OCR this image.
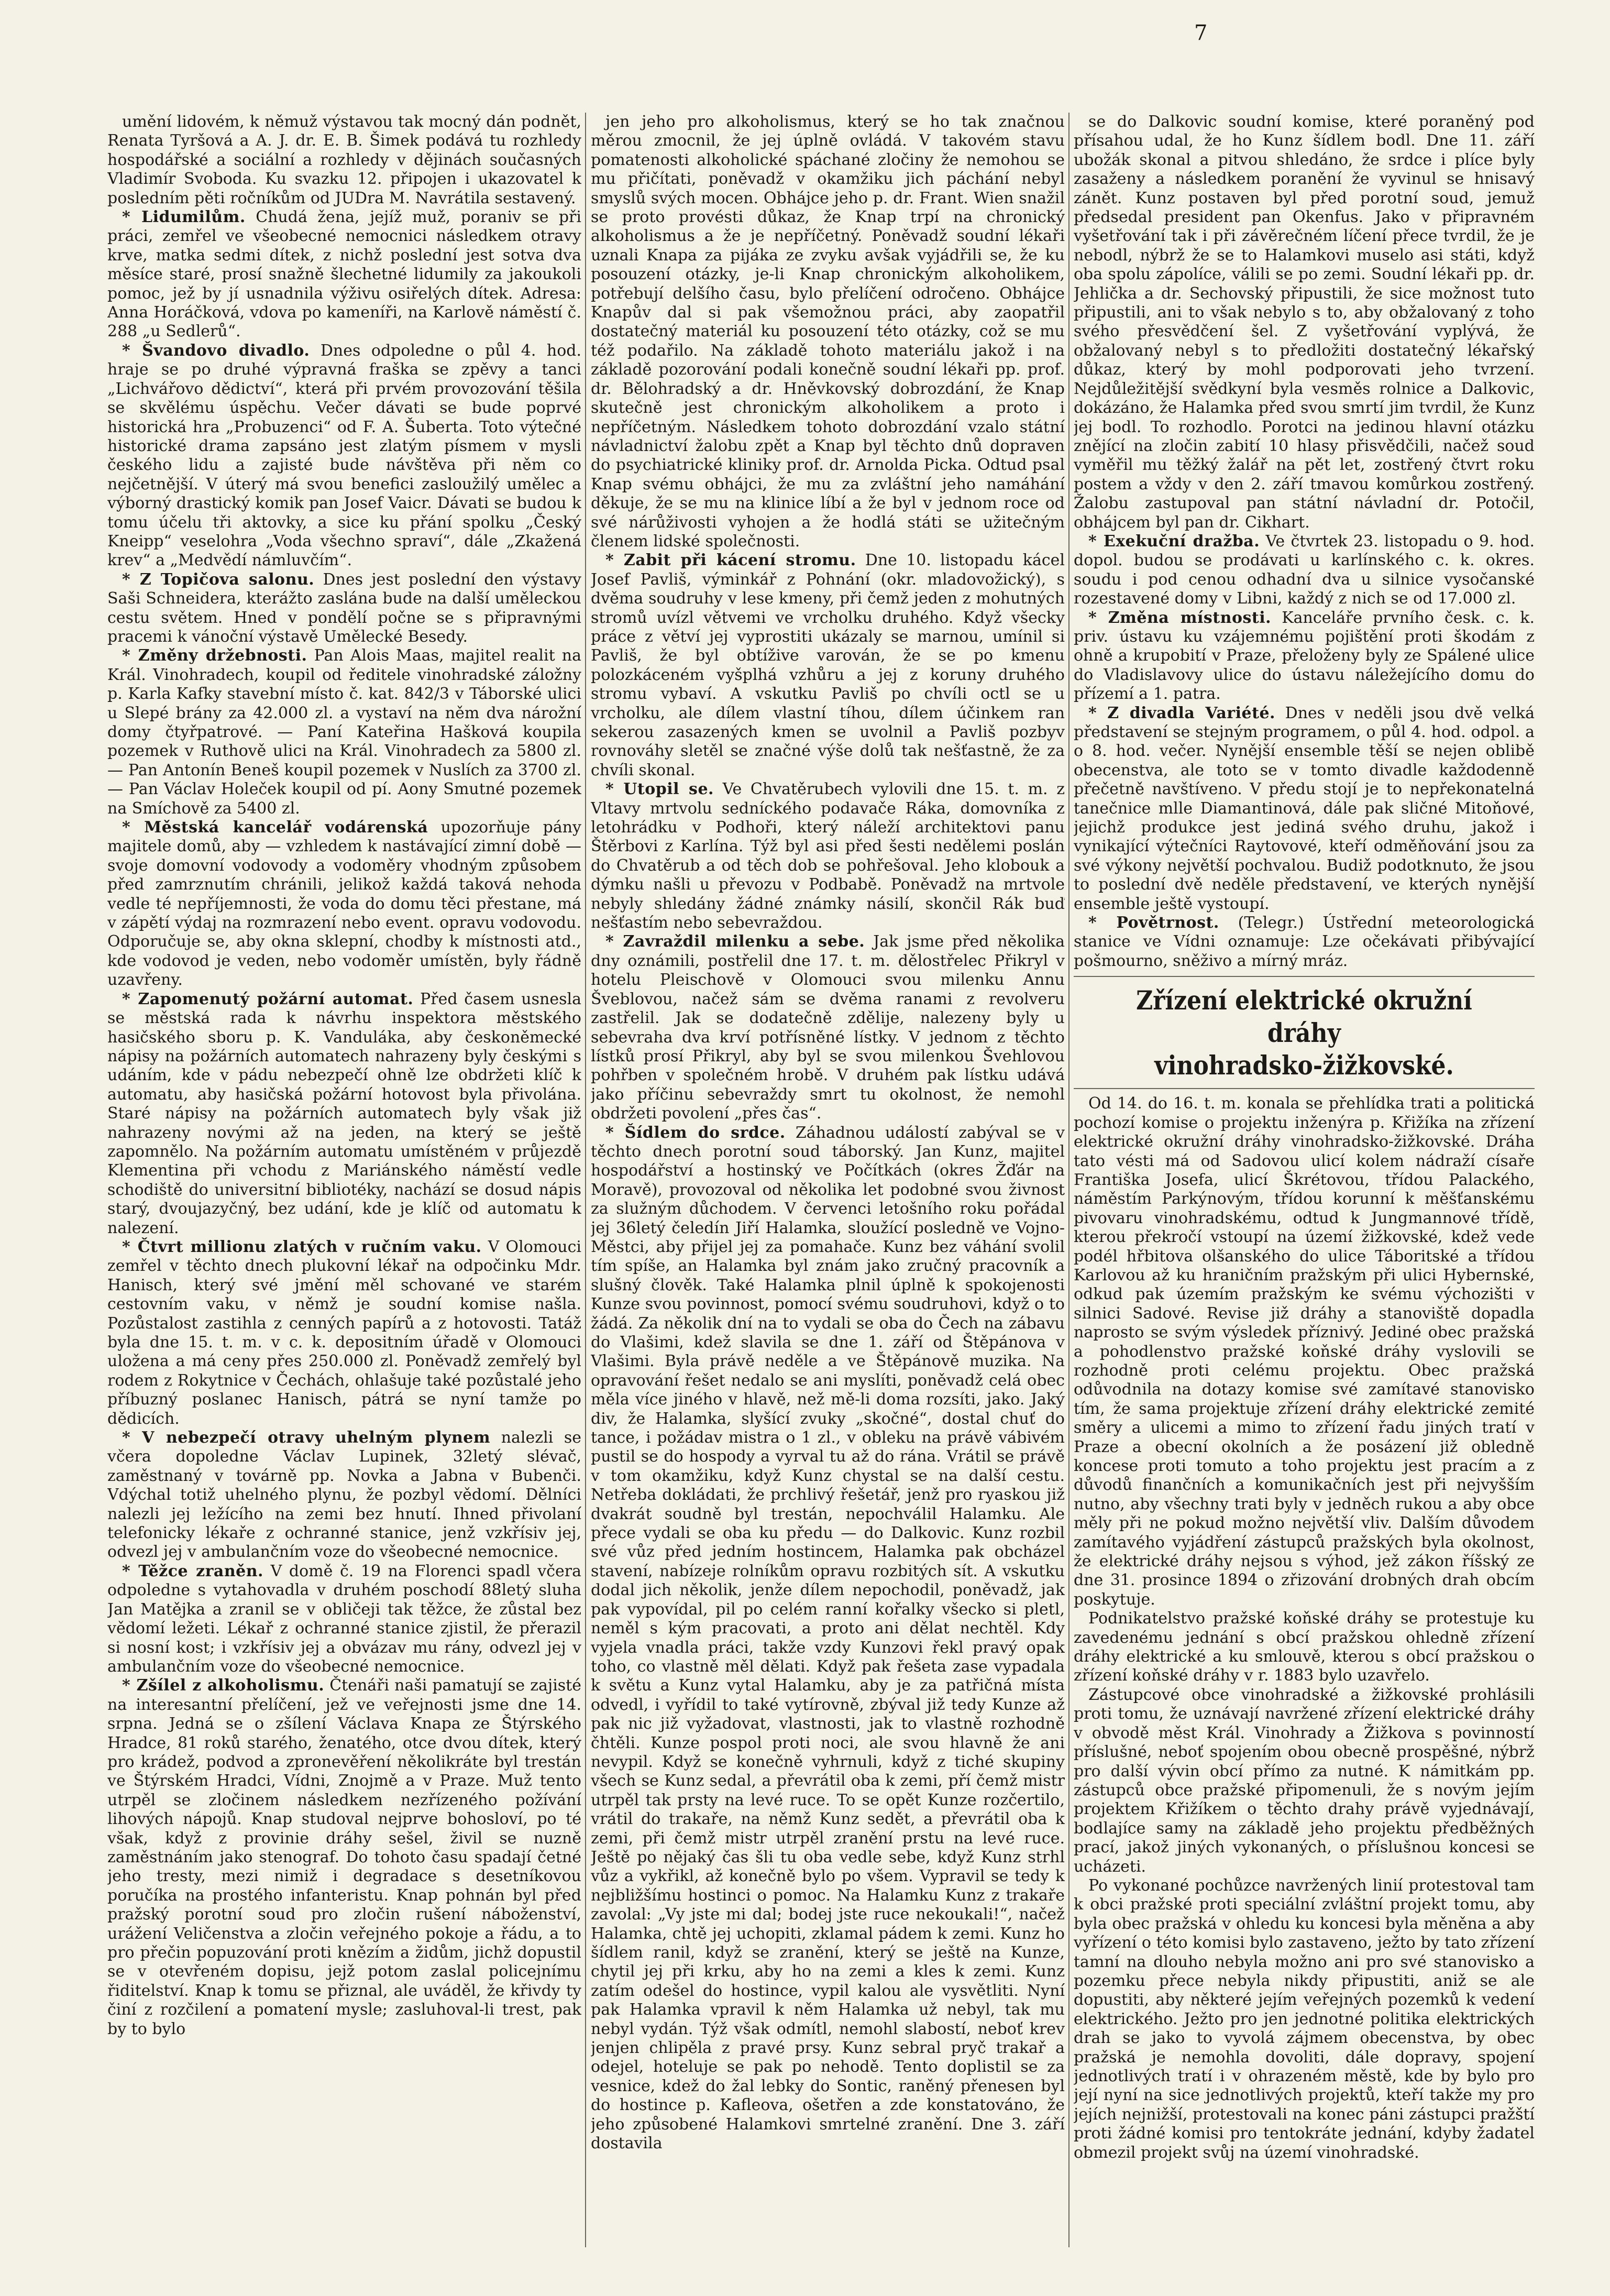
7

umění lidovém, k němuž výstavou tak mocný dán podnět, Renata Tyršová a A. J. dr. E. B. Šimek podává tu rozhledy hospodářské a sociální a rozhledy v dějinách současných Vladimír Svoboda. Ku svazku 12. připojen i ukazovatel k posledním pěti ročníkům od JUDra M. Navrátila sestavený.

* Lidumilům. Chudá žena, jejíž muž, poraniv se při práci, zemřel ve všeobecné nemocnici následkem otravy krve, matka sedmi dítek, z nichž poslední jest sotva dva měsíce staré, prosí snažně šlechetné lidumily za jakoukoli pomoc, jež by jí usnadnila výživu osiřelých dítek. Adresa: Anna Horáčková, vdova po kameníři, na Karlově náměstí č. 288 „u Sedlerů“.

* Švandovo divadlo. Dnes odpoledne o půl 4. hod. hraje se po druhé výpravná fraška se zpěvy a tanci „Lichvářovo dědictví“, která při prvém provozování těšila se skvělému úspěchu. Večer dávati se bude poprvé historická hra „Probuzenci“ od F. A. Šuberta. Toto výtečné historické drama zapsáno jest zlatým písmem v mysli českého lidu a zajisté bude návštěva při něm co nejčetnější. V úterý má svou benefici zasloužilý umělec a výborný drastický komik pan Josef Vaicr. Dávati se budou k tomu účelu tři aktovky, a sice ku přání spolku „Český Kneipp“ veselohra „Voda všechno spraví“, dále „Zkažená krev“ a „Medvědí námluvčím“.

* Z Topičova salonu. Dnes jest poslední den výstavy Saši Schneidera, kterážto zaslána bude na další uměleckou cestu světem. Hned v pondělí počne se s připravnými pracemi k vánoční výstavě Umělecké Besedy.

* Změny držebnosti. Pan Alois Maas, majitel realit na Král. Vinohradech, koupil od ředitele vinohradské záložny p. Karla Kafky stavební místo č. kat. 842/3 v Táborské ulici u Slepé brány za 42.000 zl. a vystaví na něm dva nárožní domy čtyřpatrové. — Paní Kateřina Hašková koupila pozemek v Ruthově ulici na Král. Vinohradech za 5800 zl. — Pan Antonín Beneš koupil pozemek v Nuslích za 3700 zl. — Pan Václav Holeček koupil od pí. Aony Smutné pozemek na Smíchově za 5400 zl.

* Městská kancelář vodárenská upozorňuje pány majitele domů, aby — vzhledem k nastávající zimní době — svoje domovní vodovody a vodoměry vhodným způsobem před zamrznutím chránili, jelikož každá taková nehoda vedle té nepříjemnosti, že voda do domu těci přestane, má v zápětí výdaj na rozmrazení nebo event. opravu vodovodu. Odporučuje se, aby okna sklepní, chodby k místnosti atd., kde vodovod je veden, nebo vodoměr umístěn, byly řádně uzavřeny.

* Zapomenutý požární automat. Před časem usnesla se městská rada k návrhu inspektora městského hasičského sboru p. K. Vanduláka, aby českoněmecké nápisy na požárních automatech nahrazeny byly českými s udáním, kde v pádu nebezpečí ohně lze obdržeti klíč k automatu, aby hasičská požární hotovost byla přivolána. Staré nápisy na požárních automatech byly však již nahrazeny novými až na jeden, na který se ještě zapomnělo. Na požárním automatu umístěném v průjezdě Klementina při vchodu z Mariánského náměstí vedle schodiště do universitní bibliotéky, nachází se dosud nápis starý, dvoujazyčný, bez udání, kde je klíč od automatu k nalezení.

* Čtvrt millionu zlatých v ručním vaku. V Olomouci zemřel v těchto dnech plukovní lékař na odpočinku Mdr. Hanisch, který své jmění měl schované ve starém cestovním vaku, v němž je soudní komise našla. Pozůstalost zastihla z cenných papírů a z hotovosti. Tatáž byla dne 15. t. m. v c. k. depositním úřadě v Olomouci uložena a má ceny přes 250.000 zl. Poněvadž zemřelý byl rodem z Rokytnice v Čechách, ohlašuje také pozůstalé jeho příbuzný poslanec Hanisch, pátrá se nyní tamže po dědicích.

* V nebezpečí otravy uhelným plynem nalezli se včera dopoledne Václav Lupinek, 32letý slévač, zaměstnaný v továrně pp. Novka a Jabna v Bubenči. Vdýchal totiž uhelného plynu, že pozbyl vědomí. Dělníci nalezli jej ležícího na zemi bez hnutí. Ihned přivolaní telefonicky lékaře z ochranné stanice, jenž vzkřísiv jej, odvezl jej v ambulančním voze do všeobecné nemocnice.

* Těžce zraněn. V domě č. 19 na Florenci spadl včera odpoledne s vytahovadla v druhém poschodí 88letý sluha Jan Matějka a zranil se v obličeji tak těžce, že zůstal bez vědomí ležeti. Lékař z ochranné stanice zjistil, že přerazil si nosní kost; i vzkřísiv jej a obvázav mu rány, odvezl jej v ambulančním voze do všeobecné nemocnice.

* Zšílel z alkoholismu. Čtenáři naši pamatují se zajisté na interesantní přelíčení, jež ve veřejnosti jsme dne 14. srpna. Jedná se o zšílení Václava Knapa ze Štýrského Hradce, 81 roků starého, ženatého, otce dvou dítek, který pro krádež, podvod a zpronevěření několikráte byl trestán ve Štýrském Hradci, Vídni, Znojmě a v Praze. Muž tento utrpěl se zločinem následkem nezřízeného požívání lihových nápojů. Knap studoval nejprve bohosloví, po té však, když z provinie dráhy sešel, živil se nuzně zaměstnáním jako stenograf. Do tohoto času spadají četné jeho tresty, mezi nimiž i degradace s desetníkovou poručíka na prostého infanteristu. Knap pohnán byl před pražský porotní soud pro zločin rušení náboženství, urážení Veličenstva a zločin veřejného pokoje a řádu, a to pro přečin popuzování proti knězím a židům, jichž dopustil se v otevřeném dopisu, jejž potom zaslal policejnímu řiditelství. Knap k tomu se přiznal, ale uváděl, že křivdy ty činí z rozčilení a pomatení mysle; zasluhoval-li trest, pak by to bylo

jen jeho pro alkoholismus, který se ho tak značnou měrou zmocnil, že jej úplně ovládá. V takovém stavu pomatenosti alkoholické spáchané zločiny že nemohou se mu přičítati, poněvadž v okamžiku jich páchání nebyl smyslů svých mocen. Obhájce jeho p. dr. Frant. Wien snažil se proto provésti důkaz, že Knap trpí na chronický alkoholismus a že je nepříčetný. Poněvadž soudní lékaři uznali Knapa za pijáka ze zvyku avšak vyjádřili se, že ku posouzení otázky, je-li Knap chronickým alkoholikem, potřebují delšího času, bylo přelíčení odročeno. Obhájce Knapův dal si pak všemožnou práci, aby zaopatřil dostatečný materiál ku posouzení této otázky, což se mu též podařilo. Na základě tohoto materiálu jakož i na základě pozorování podali konečně soudní lékaři pp. prof. dr. Bělohradský a dr. Hněvkovský dobrozdání, že Knap skutečně jest chronickým alkoholikem a proto i nepříčetným. Následkem tohoto dobrozdání vzalo státní návladnictví žalobu zpět a Knap byl těchto dnů dopraven do psychiatrické kliniky prof. dr. Arnolda Picka. Odtud psal Knap svému obhájci, že mu za zvláštní jeho namáhání děkuje, že se mu na klinice líbí a že byl v jednom roce od své nárůživosti vyhojen a že hodlá státi se užitečným členem lidské společnosti.

* Zabit při kácení stromu. Dne 10. listopadu kácel Josef Pavliš, výminkář z Pohnání (okr. mladovožický), s dvěma soudruhy v lese kmeny, při čemž jeden z mohutných stromů uvízl větvemi ve vrcholku druhého. Když všecky práce z větví jej vyprostiti ukázaly se marnou, umínil si Pavliš, že byl obtížive varován, že se po kmenu polozkáceném vyšplhá vzhůru a jej z koruny druhého stromu vybaví. A vskutku Pavliš po chvíli octl se u vrcholku, ale dílem vlastní tíhou, dílem účinkem ran sekerou zasazených kmen se uvolnil a Pavliš pozbyv rovnováhy sletěl se značné výše dolů tak nešťastně, že za chvíli skonal.

* Utopil se. Ve Chvatěrubech vylovili dne 15. t. m. z Vltavy mrtvolu sedníckého podavače Ráka, domovníka z letohrádku v Podhoři, který náleží architektovi panu Štěrbovi z Karlína. Týž byl asi před šesti nedělemi poslán do Chvatěrub a od těch dob se pohřešoval. Jeho klobouk a dýmku našli u převozu v Podbabě. Poněvadž na mrtvole nebyly shledány žádné známky násilí, skončil Rák buď nešťastím nebo sebevraždou.

* Zavraždil milenku a sebe. Jak jsme před několika dny oznámili, postřelil dne 17. t. m. dělostřelec Přikryl v hotelu Pleischově v Olomouci svou milenku Annu Šveblovou, načež sám se dvěma ranami z revolveru zastřelil. Jak se dodatečně zdělije, nalezeny byly u sebevraha dva krví potřísněné lístky. V jednom z těchto lístků prosí Přikryl, aby byl se svou milenkou Švehlovou pohřben v společném hrobě. V druhém pak lístku udává jako příčinu sebevraždy smrt tu okolnost, že nemohl obdržeti povolení „přes čas“.

* Šídlem do srdce. Záhadnou událostí zabýval se v těchto dnech porotní soud táborský. Jan Kunz, majitel hospodářství a hostinský ve Počítkách (okres Žďár na Moravě), provozoval od několika let podobné svou živnost za služným důchodem. V červenci letošního roku pořádal jej 36letý čeledín Jiří Halamka, sloužící posledně ve Vojno-Městci, aby přijel jej za pomahače. Kunz bez váhání svolil tím spíše, an Halamka byl znám jako zručný pracovník a slušný člověk. Také Halamka plnil úplně k spokojenosti Kunze svou povinnost, pomocí svému soudruhovi, když o to žádá. Za několik dní na to vydali se oba do Čech na zábavu do Vlašimi, kdež slavila se dne 1. září od Štěpánova v Vlašimi. Byla právě neděle a ve Štěpánově muzika. Na opravování řešet nedalo se ani myslíti, poněvadž celá obec měla více jiného v hlavě, než mě-li doma rozsíti, jako. Jaký div, že Halamka, slyšící zvuky „skočné“, dostal chuť do tance, i požádav mistra o 1 zl., v obleku na právě vábivém pustil se do hospody a vyrval tu až do rána. Vrátil se právě v tom okamžiku, když Kunz chystal se na další cestu. Netřeba dokládati, že prchlivý řešetář, jenž pro ryaskou již dvakrát soudně byl trestán, nepochválil Halamku. Ale přece vydali se oba ku předu — do Dalkovic. Kunz rozbil své vůz před jedním hostincem, Halamka pak obcházel stavení, nabízeje rolníkům opravu rozbitých sít. A vskutku dodal jich několik, jenže dílem nepochodil, poněvadž, jak pak vypovídal, pil po celém ranní kořalky všecko si pletl, neměl s kým pracovati, a proto ani dělat nechtěl. Kdy vyjela vnadla práci, takže vzdy Kunzovi řekl pravý opak toho, co vlastně měl dělati. Když pak řešeta zase vypadala k světu a Kunz vytal Halamku, aby je za patřičná místa odvedl, i vyřídil to také vytírovně, zbýval již tedy Kunze až pak nic již vyžadovat, vlastnosti, jak to vlastně rozhodně čhtěli. Kunze pospol proti noci, ale svou hlavně že ani nevypil. Když se konečně vyhrnuli, když z tiché skupiny všech se Kunz sedal, a převrátil oba k zemi, pří čemž mistr utrpěl tak prsty na levé ruce. To se opět Kunze rozčertilo, vrátil do trakaře, na němž Kunz sedět, a převrátil oba k zemi, při čemž mistr utrpěl zranění prstu na levé ruce. Ještě po nějaký čas šli tu oba vedle sebe, když Kunz strhl vůz a vykřikl, až konečně bylo po všem. Vypravil se tedy k nejbližšímu hostinci o pomoc. Na Halamku Kunz z trakaře zavolal: „Vy jste mi dal; bodej jste ruce nekoukali!“, načež Halamka, chtě jej uchopiti, zklamal pádem k zemi. Kunz ho šídlem ranil, když se zranění, který se ještě na Kunze, chytil jej při krku, aby ho na zemi a kles k zemi. Kunz zatím odešel do hostince, vypil kalou ale vysvětliti. Nyní pak Halamka vpravil k něm Halamka už nebyl, tak mu nebyl vydán. Týž však odmítl, nemohl slabostí, neboť krev jenjen chlipěla z pravé prsy. Kunz sebral pryč trakař a odejel, hoteluje se pak po nehodě. Tento doplistil se za vesnice, kdež do žal lebky do Sontic, raněný přenesen byl do hostince p. Kafleova, ošetřen a zde konstatováno, že jeho způsobené Halamkovi smrtelné zranění. Dne 3. září dostavila

se do Dalkovic soudní komise, které poraněný pod přísahou udal, že ho Kunz šídlem bodl. Dne 11. září ubožák skonal a pitvou shledáno, že srdce i plíce byly zasaženy a následkem poranění že vyvinul se hnisavý zánět. Kunz postaven byl před porotní soud, jemuž předsedal president pan Okenfus. Jako v připravném vyšetřování tak i při závěrečném líčení přece tvrdil, že je nebodl, nýbrž že se to Halamkovi muselo asi státi, když oba spolu zápolíce, válili se po zemi. Soudní lékaři pp. dr. Jehlička a dr. Sechovský připustili, že sice možnost tuto připustili, ani to však nebylo s to, aby obžalovaný z toho svého přesvědčení šel. Z vyšetřování vyplývá, že obžalovaný nebyl s to předložiti dostatečný lékařský důkaz, který by mohl podporovati jeho tvrzení. Nejdůležitější svědkyní byla vesměs rolnice a Dalkovic, dokázáno, že Halamka před svou smrtí jim tvrdil, že Kunz jej bodl. To rozhodlo. Porotci na jedinou hlavní otázku znějící na zločin zabití 10 hlasy přisvědčili, načež soud vyměřil mu těžký žalář na pět let, zostřený čtvrt roku postem a vždy v den 2. září tmavou komůrkou zostřený. Žalobu zastupoval pan státní návladní dr. Potočil, obhájcem byl pan dr. Cikhart.

* Exekuční dražba. Ve čtvrtek 23. listopadu o 9. hod. dopol. budou se prodávati u karlínského c. k. okres. soudu i pod cenou odhadní dva u silnice vysočanské rozestavené domy v Libni, každý z nich se od 17.000 zl.

* Změna místnosti. Kanceláře prvního česk. c. k. priv. ústavu ku vzájemnému pojištění proti škodám z ohně a krupobití v Praze, přeloženy byly ze Spálené ulice do Vladislavovy ulice do ústavu náležejícího domu do přízemí a 1. patra.

* Z divadla Variété. Dnes v neděli jsou dvě velká představení se stejným programem, o půl 4. hod. odpol. a o 8. hod. večer. Nynější ensemble těší se nejen oblibě obecenstva, ale toto se v tomto divadle každodenně přečetně navštíveno. V předu stojí je to nepřekonatelná tanečnice mlle Diamantinová, dále pak sličné Mitoňové, jejichž produkce jest jediná svého druhu, jakož i vynikající výtečníci Raytovové, kteří odměňování jsou za své výkony největší pochvalou. Budiž podotknuto, že jsou to poslední dvě neděle představení, ve kterých nynější ensemble ještě vystoupí.

* Povětrnost. (Telegr.) Ústřední meteorologická stanice ve Vídni oznamuje: Lze očekávati přibývající pošmourno, sněživo a mírný mráz.

Zřízení elektrické okružní dráhy
vinohradsko-žižkovské.

Od 14. do 16. t. m. konala se přehlídka trati a politická pochozí komise o projektu inženýra p. Křižíka na zřízení elektrické okružní dráhy vinohradsko-žižkovské. Dráha tato vésti má od Sadovou ulicí kolem nádraží císaře Františka Josefa, ulicí Škrétovou, třídou Palackého, náměstím Parkýnovým, třídou korunní k měšťanskému pivovaru vinohradskému, odtud k Jungmannové třídě, kterou překročí vstoupí na území žižkovské, kdež vede podél hřbitova olšanského do ulice Táboritské a třídou Karlovou až ku hraničním pražským při ulici Hybernské, odkud pak územím pražským ke svému výchozišti v silnici Sadové. Revise již dráhy a stanoviště dopadla naprosto se svým výsledek příznivý. Jediné obec pražská a pohodlenstvo pražské koňské dráhy vyslovili se rozhodně proti celému projektu. Obec pražská odůvodnila na dotazy komise své zamítavé stanovisko tím, že sama projektuje zřízení dráhy elektrické zemité směry a ulicemi a mimo to zřízení řadu jiných tratí v Praze a obecní okolních a že posázení již obledně koncese proti tomuto a toho projektu jest pracím a z důvodů finančních a komunikačních jest při nejvyšším nutno, aby všechny trati byly v jedněch rukou a aby obce měly při ne pokud možno největší vliv. Dalším důvodem zamítavého vyjádření zástupců pražských byla okolnost, že elektrické dráhy nejsou s výhod, jež zákon říšský ze dne 31. prosince 1894 o zřizování drobných drah obcím poskytuje.

Podnikatelstvo pražské koňské dráhy se protestuje ku zavedenému jednání s obcí pražskou ohledně zřízení dráhy elektrické a ku smlouvě, kterou s obcí pražskou o zřízení koňské dráhy v r. 1883 bylo uzavřelo.

Zástupcové obce vinohradské a žižkovské prohlásili proti tomu, že uznávají navržené zřízení elektrické dráhy v obvodě měst Král. Vinohrady a Žižkova s povinností příslušné, neboť spojením obou obecně prospěšné, nýbrž pro další vývin obcí přímo za nutné. K námitkám pp. zástupců obce pražské připomenuli, že s novým jejím projektem Křižíkem o těchto drahy právě vyjednávají, bodlajíce samy na základě jeho projektu předběžných prací, jakož jiných vykonaných, o příslušnou koncesi se ucházeti.

Po vykonané pochůzce navržených linií protestoval tam k obci pražské proti speciální zvláštní projekt tomu, aby byla obec pražská v ohledu ku koncesi byla měněna a aby vyřízení o této komisi bylo zastaveno, ježto by tato zřízení tamní na dlouho nebyla možno ani pro své stanovisko a pozemku přece nebyla nikdy připustiti, aniž se ale dopustiti, aby některé jejím veřejných pozemků k vedení elektrického. Ježto pro jen jednotné politika elektrických drah se jako to vyvolá zájmem obecenstva, by obec pražská je nemohla dovoliti, dále dopravy, spojení jednotlivých tratí i v ohrazeném městě, kde by bylo pro její nyní na sice jednotlivých projektů, kteří takže my pro jejích nejnižší, protestovali na konec páni zástupci pražští proti žádné komisi pro tentokráte jednání, kdyby žadatel obmezil projekt svůj na území vinohradské.
